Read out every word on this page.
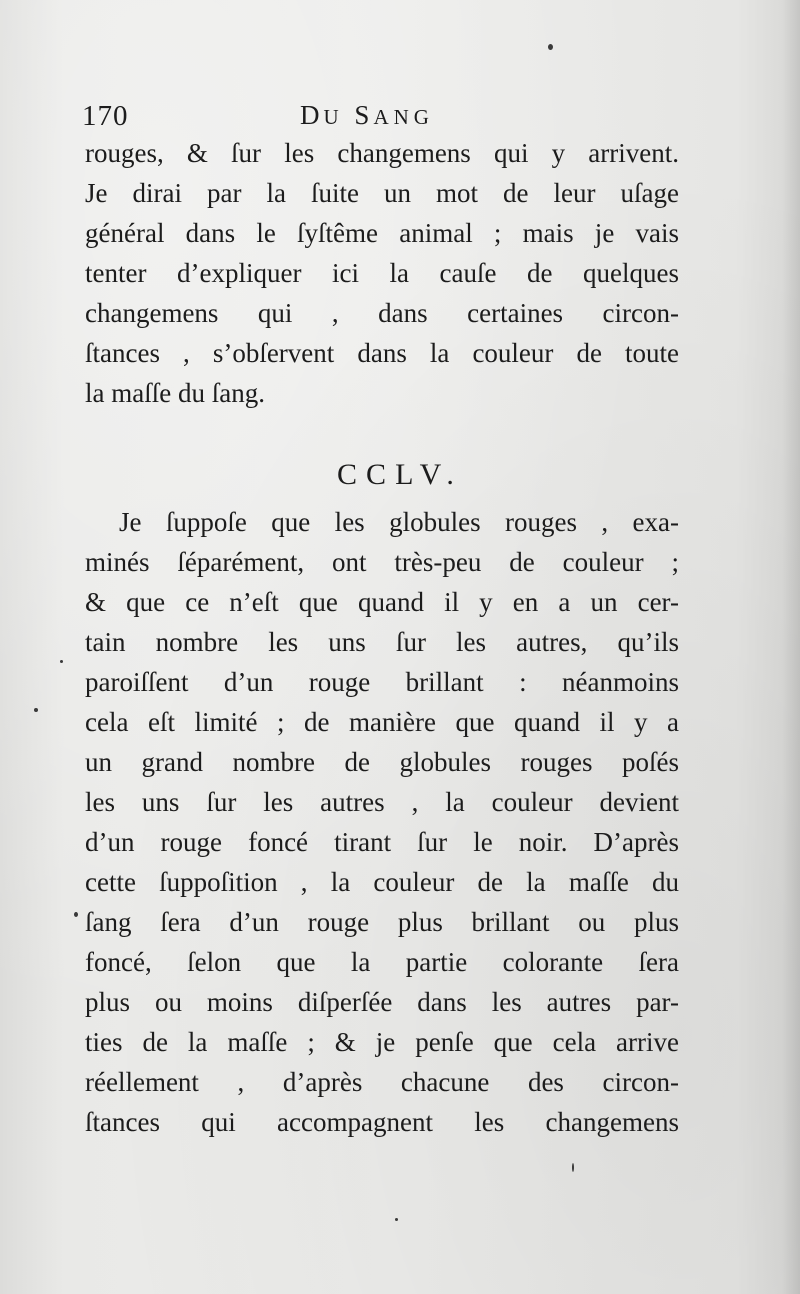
170	DU SANG
rouges, & ſur les changemens qui y arrivent.
Je dirai par la ſuite un mot de leur uſage
général dans le ſyſtême animal ; mais je vais
tenter d’expliquer ici la cauſe de quelques
changemens qui , dans certaines circon-
ſtances , s’obſervent dans la couleur de toute
la maſſe du ſang.
CCLV.
Je ſuppoſe que les globules rouges , exa-
minés ſéparément, ont très-peu de couleur ;
& que ce n’eſt que quand il y en a un cer-
tain nombre les uns ſur les autres, qu’ils
paroiſſent d’un rouge brillant : néanmoins
cela eſt limité ; de manière que quand il y a
un grand nombre de globules rouges poſés
les uns ſur les autres , la couleur devient
d’un rouge foncé tirant ſur le noir. D’après
cette ſuppoſition , la couleur de la maſſe du
ſang ſera d’un rouge plus brillant ou plus
foncé, ſelon que la partie colorante ſera
plus ou moins diſperſée dans les autres par-
ties de la maſſe ; & je penſe que cela arrive
réellement , d’après chacune des circon-
ſtances qui accompagnent les changemens
